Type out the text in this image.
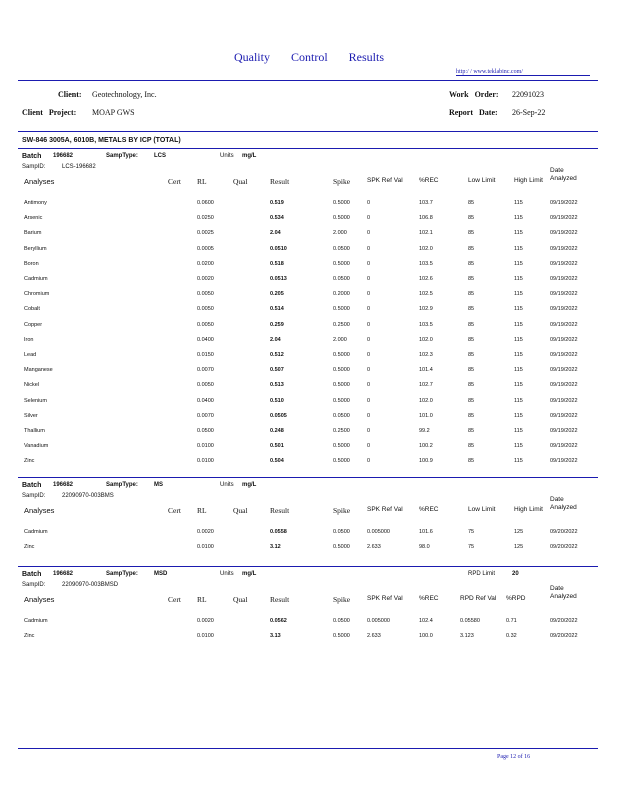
Quality Control Results
http:/ / www.teklabinc.com/
Client: Geotechnology, Inc.
Client Project: MOAP GWS
Work Order: 22091023
Report Date: 26-Sep-22
SW-846 3005A, 6010B, METALS BY ICP (TOTAL)
Batch 196682	SampType:	LCS	Units mg/L
SampID:	LCS-196682
Analyses	Cert RL	Qual	Result	Spike	SPK Ref Val	%REC	Low Limit	High Limit
Date
Analyzed
Antimony	0.0600	0.519	0.5000	0	103.7	85	115	09/19/2022
Arsenic	0.0250	0.534	0.5000	0	106.8	85	115	09/19/2022
Barium	0.0025	2.04	2.000	0	102.1	85	115	09/19/2022
Beryllium	0.0005	0.0510	0.0500	0	102.0	85	115	09/19/2022
Boron	0.0200	0.518	0.5000	0	103.5	85	115	09/19/2022
Cadmium	0.0020	0.0513	0.0500	0	102.6	85	115	09/19/2022
Chromium	0.0050	0.205	0.2000	0	102.5	85	115	09/19/2022
Cobalt	0.0050	0.514	0.5000	0	102.9	85	115	09/19/2022
Copper	0.0050	0.259	0.2500	0	103.5	85	115	09/19/2022
Iron	0.0400	2.04	2.000	0	102.0	85	115	09/19/2022
Lead	0.0150	0.512	0.5000	0	102.3	85	115	09/19/2022
Manganese	0.0070	0.507	0.5000	0	101.4	85	115	09/19/2022
Nickel	0.0050	0.513	0.5000	0	102.7	85	115	09/19/2022
Selenium	0.0400	0.510	0.5000	0	102.0	85	115	09/19/2022
Silver	0.0070	0.0505	0.0500	0	101.0	85	115	09/19/2022
Thallium	0.0500	0.248	0.2500	0	99.2	85	115	09/19/2022
Vanadium	0.0100	0.501	0.5000	0	100.2	85	115	09/19/2022
Zinc	0.0100	0.504	0.5000	0	100.9	85	115	09/19/2022
Batch 196682	SampType:	MS	Units mg/L
SampID:	22090970-003BMS
Analyses	Cert RL	Qual	Result	Spike	SPK Ref Val	%REC	Low Limit	High Limit
Date
Analyzed
Cadmium	0.0020	0.0558	0.0500	0.005000	101.6	75	125	09/20/2022
Zinc	0.0100	3.12	0.5000	2.633	98.0	75	125	09/20/2022
Batch 196682	SampType:	MSD	Units mg/L	RPD Limit	20
SampID:	22090970-003BMSD
Analyses	Cert RL	Qual	Result	Spike	SPK Ref Val	%REC	RPD Ref Val %RPD
Date
Analyzed
Cadmium	0.0020	0.0562	0.0500	0.005000	102.4	0.05580	0.71	09/20/2022
Zinc	0.0100	3.13	0.5000	2.633	100.0	3.123	0.32	09/20/2022
Page 12 of 16
